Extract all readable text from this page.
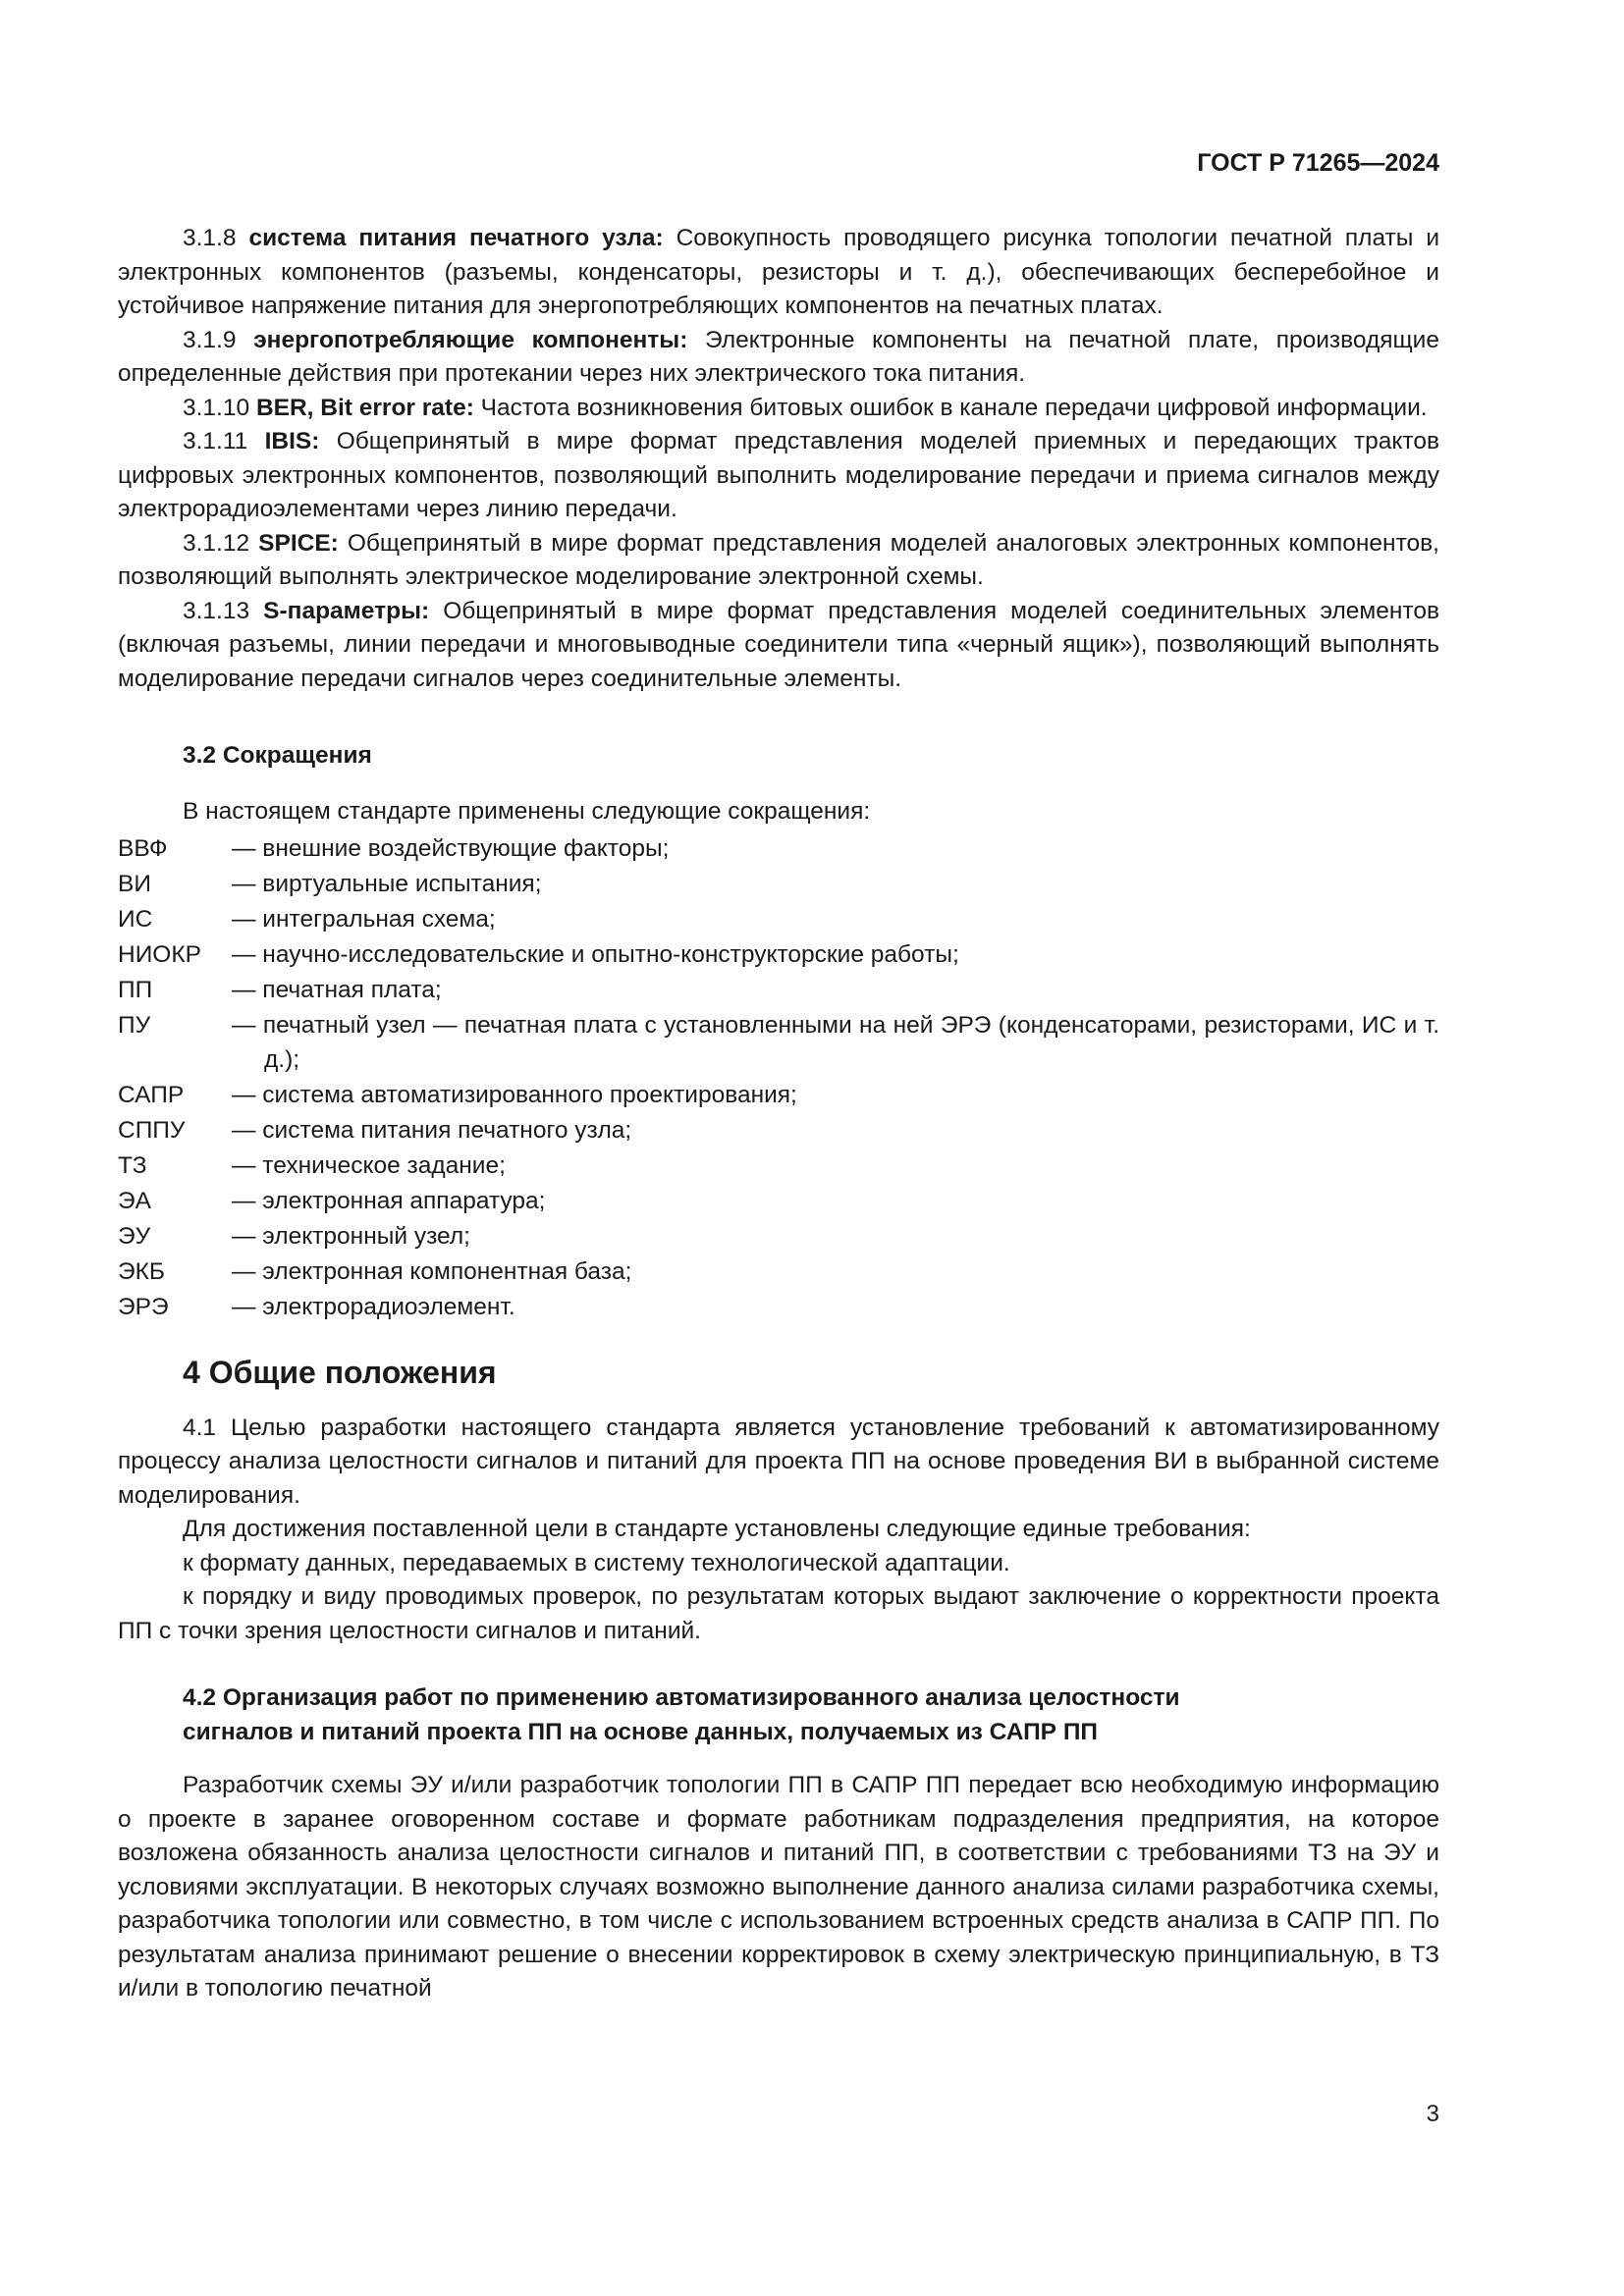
ГОСТ Р 71265—2024

3.1.8 система питания печатного узла: Совокупность проводящего рисунка топологии печатной платы и электронных компонентов (разъемы, конденсаторы, резисторы и т. д.), обеспечивающих бесперебойное и устойчивое напряжение питания для энергопотребляющих компонентов на печатных платах.

3.1.9 энергопотребляющие компоненты: Электронные компоненты на печатной плате, производящие определенные действия при протекании через них электрического тока питания.

3.1.10 BER, Bit error rate: Частота возникновения битовых ошибок в канале передачи цифровой информации.

3.1.11 IBIS: Общепринятый в мире формат представления моделей приемных и передающих трактов цифровых электронных компонентов, позволяющий выполнить моделирование передачи и приема сигналов между электрорадиоэлементами через линию передачи.

3.1.12 SPICE: Общепринятый в мире формат представления моделей аналоговых электронных компонентов, позволяющий выполнять электрическое моделирование электронной схемы.

3.1.13 S-параметры: Общепринятый в мире формат представления моделей соединительных элементов (включая разъемы, линии передачи и многовыводные соединители типа «черный ящик»), позволяющий выполнять моделирование передачи сигналов через соединительные элементы.

3.2 Сокращения
В настоящем стандарте применены следующие сокращения:
ВВФ	— внешние воздействующие факторы;
ВИ	— виртуальные испытания;
ИС	— интегральная схема;
НИОКР	— научно-исследовательские и опытно-конструкторские работы;
ПП	— печатная плата;
ПУ	— печатный узел — печатная плата с установленными на ней ЭРЭ (конденсаторами, резисторами, ИС и т. д.);
САПР	— система автоматизированного проектирования;
СППУ	— система питания печатного узла;
ТЗ	— техническое задание;
ЭА	— электронная аппаратура;
ЭУ	— электронный узел;
ЭКБ	— электронная компонентная база;
ЭРЭ	— электрорадиоэлемент.
4 Общие положения

4.1 Целью разработки настоящего стандарта является установление требований к автоматизированному процессу анализа целостности сигналов и питаний для проекта ПП на основе проведения ВИ в выбранной системе моделирования.

Для достижения поставленной цели в стандарте установлены следующие единые требования:

к формату данных, передаваемых в систему технологической адаптации.

к порядку и виду проводимых проверок, по результатам которых выдают заключение о корректности проекта ПП с точки зрения целостности сигналов и питаний.

4.2 Организация работ по применению автоматизированного анализа целостности
сигналов и питаний проекта ПП на основе данных, получаемых из САПР ПП

Разработчик схемы ЭУ и/или разработчик топологии ПП в САПР ПП передает всю необходимую информацию о проекте в заранее оговоренном составе и формате работникам подразделения предприятия, на которое возложена обязанность анализа целостности сигналов и питаний ПП, в соответствии с требованиями ТЗ на ЭУ и условиями эксплуатации. В некоторых случаях возможно выполнение данного анализа силами разработчика схемы, разработчика топологии или совместно, в том числе с использованием встроенных средств анализа в САПР ПП. По результатам анализа принимают решение о внесении корректировок в схему электрическую принципиальную, в ТЗ и/или в топологию печатной

3
